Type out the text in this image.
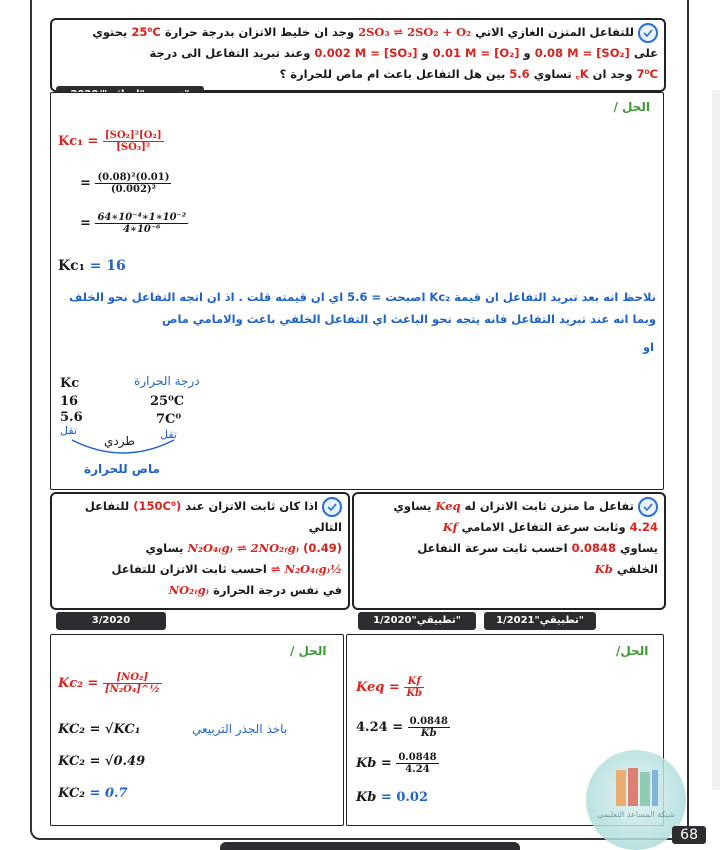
للتفاعل المتزن الغازي الاتي 2SO₃ ⇌ 2SO₂ + O₂ وجد ان خليط الاتزان بدرجة حرارة 25⁰C يحتوي
على [SO₂] = 0.08 M و [O₂] = 0.01 M و [SO₃] = 0.002 M وعند تبريد التفاعل الى درجة
7⁰C وجد ان K꜀ تساوي 5.6 بين هل التفاعل باعث ام ماص للحرارة ؟
الحل /
$Kc_1 = \frac{\text{[SO₂]²[O₂]}}{\text{[SO₃]²}}$
= $\frac{\text{(0.08)²(0.01)}}{\text{(0.002)²}}$
= $\frac{\text{64∗10⁻⁴∗1∗10⁻²}}{\text{4∗10⁻⁶}}$
Kc₁ = 16
نلاحظ انه بعد تبريد التفاعل ان قيمة Kc₂ اصبحت = 5.6 اي ان قيمته قلت . اذ ان اتجه التفاعل نحو الخلف
وبما انه عند تبريد التفاعل فانه يتجه نحو الباعث اي التفاعل الخلفي باعث والامامي ماص
او
Kc	درجة الحرارة
16	25⁰C
5.6	7C⁰
تقل	تقل
طردي
ماص للحرارة
اذا كان ثابت الاتزان عند (150C⁰) للتفاعل التالي
N₂O₄₍g₎ ⇌ 2NO₂₍g₎ (0.49) يساوي
½N₂O₄₍g₎ ⇌ احسب ثابت الاتزان للتفاعل
في نفس درجة الحرارة NO₂₍g₎
3/2020
تفاعل ما متزن ثابت الاتزان له Keq يساوي
4.24 وثابت سرعة التفاعل الامامي Kf
يساوي 0.0848 احسب ثابت سرعة التفاعل
الخلفي Kb
1/2020"تطبيقي"	1/2021"تطبيقي"
الحل /
$Kc_2 = \frac{\text{[NO₂]}}{\text{[N₂O₄]\textasciicircum{}½}}$
KC₂ = √KC₁	باخذ الجذر التربيعي
KC₂ = √0.49
KC₂ = 0.7
الحل/
Keq = $\frac{Kf}{Kb}$
$4.24 = \frac{0.0848}{Kb}$
$Kb = \frac{0.0848}{4.24}$
Kb = 0.02
شبكة المساعد التعليمي
68
